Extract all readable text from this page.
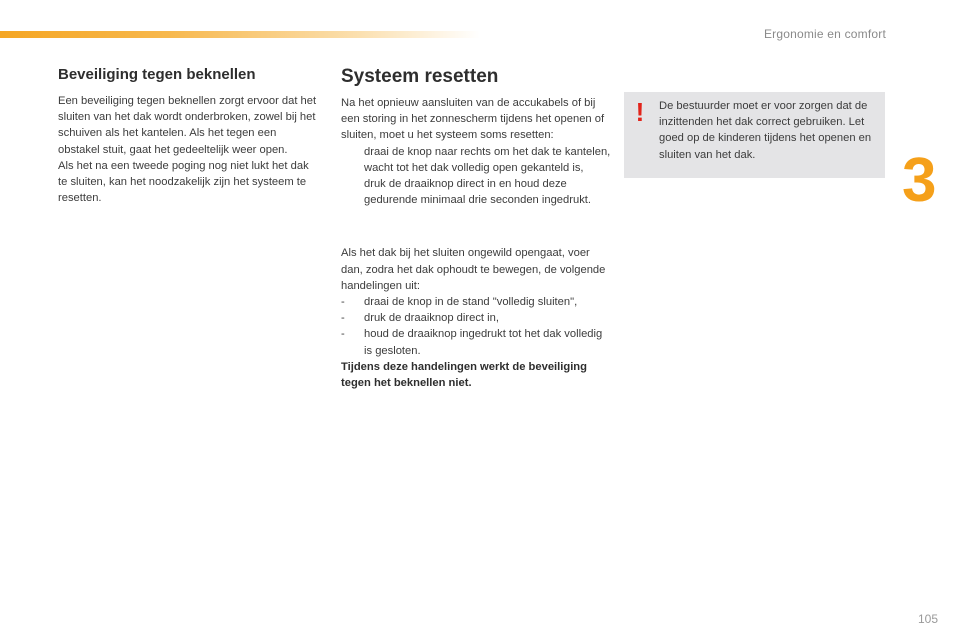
Ergonomie en comfort
3
Beveiliging tegen beknellen

Een beveiliging tegen beknellen zorgt ervoor dat het sluiten van het dak wordt onderbroken, zowel bij het schuiven als het kantelen. Als het tegen een obstakel stuit, gaat het gedeeltelijk weer open.

Als het na een tweede poging nog niet lukt het dak te sluiten, kan het noodzakelijk zijn het systeem te resetten.

Systeem resetten

Na het opnieuw aansluiten van de accukabels of bij een storing in het zonnescherm tijdens het openen of sluiten, moet u het systeem soms resetten:

draai de knop naar rechts om het dak te kantelen,
wacht tot het dak volledig open gekanteld is,
druk de draaiknop direct in en houd deze gedurende minimaal drie seconden ingedrukt.

Als het dak bij het sluiten ongewild opengaat, voer dan, zodra het dak ophoudt te bewegen, de volgende handelingen uit:

-	draai de knop in de stand "volledig sluiten",
-	druk de draaiknop direct in,
-	houd de draaiknop ingedrukt tot het dak volledig is gesloten.

Tijdens deze handelingen werkt de beveiliging tegen het beknellen niet.

! De bestuurder moet er voor zorgen dat de inzittenden het dak correct gebruiken. Let goed op de kinderen tijdens het openen en sluiten van het dak.
105
